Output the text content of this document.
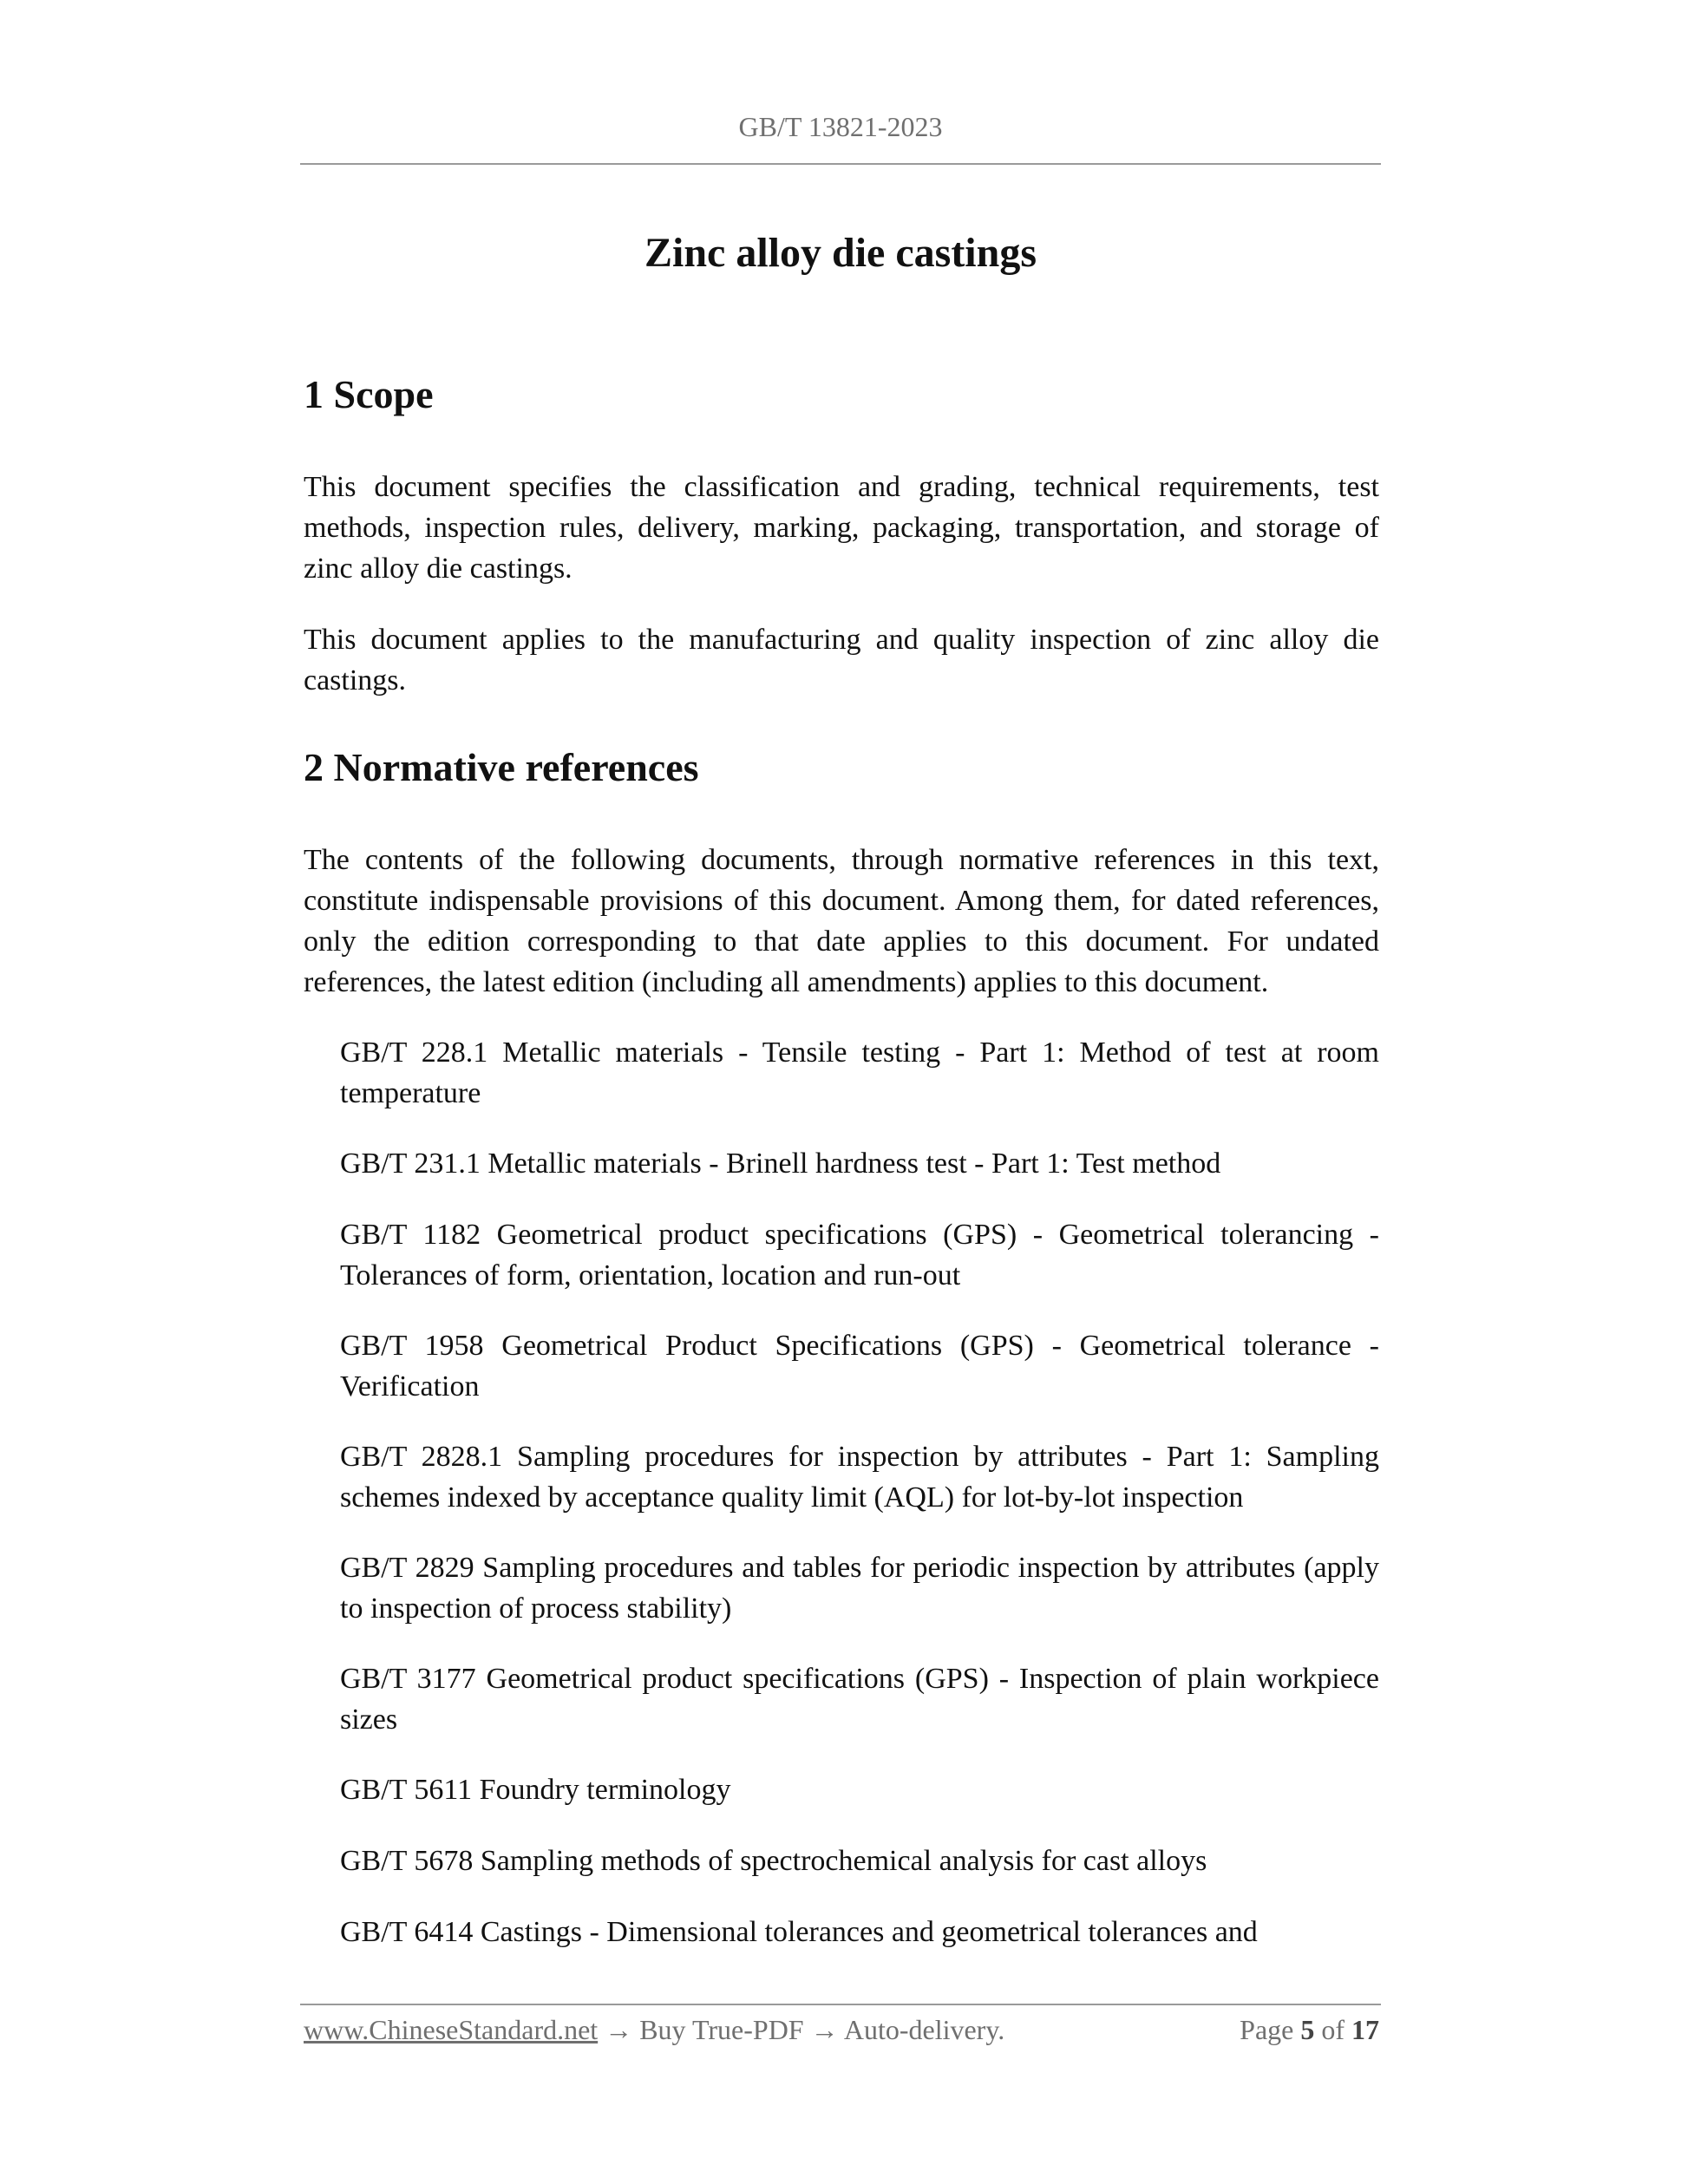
GB/T 13821-2023
Zinc alloy die castings
1 Scope

This document specifies the classification and grading, technical requirements, test methods, inspection rules, delivery, marking, packaging, transportation, and storage of zinc alloy die castings.

This document applies to the manufacturing and quality inspection of zinc alloy die castings.

2 Normative references

The contents of the following documents, through normative references in this text, constitute indispensable provisions of this document. Among them, for dated references, only the edition corresponding to that date applies to this document. For undated references, the latest edition (including all amendments) applies to this document.

GB/T 228.1 Metallic materials - Tensile testing - Part 1: Method of test at room temperature

GB/T 231.1 Metallic materials - Brinell hardness test - Part 1: Test method

GB/T 1182 Geometrical product specifications (GPS) - Geometrical tolerancing - Tolerances of form, orientation, location and run-out

GB/T 1958 Geometrical Product Specifications (GPS) - Geometrical tolerance - Verification

GB/T 2828.1 Sampling procedures for inspection by attributes - Part 1: Sampling schemes indexed by acceptance quality limit (AQL) for lot-by-lot inspection

GB/T 2829 Sampling procedures and tables for periodic inspection by attributes (apply to inspection of process stability)

GB/T 3177 Geometrical product specifications (GPS) - Inspection of plain workpiece sizes

GB/T 5611 Foundry terminology

GB/T 5678 Sampling methods of spectrochemical analysis for cast alloys

GB/T 6414 Castings - Dimensional tolerances and geometrical tolerances and

www.ChineseStandard.net → Buy True-PDF → Auto-delivery.	Page 5 of 17
